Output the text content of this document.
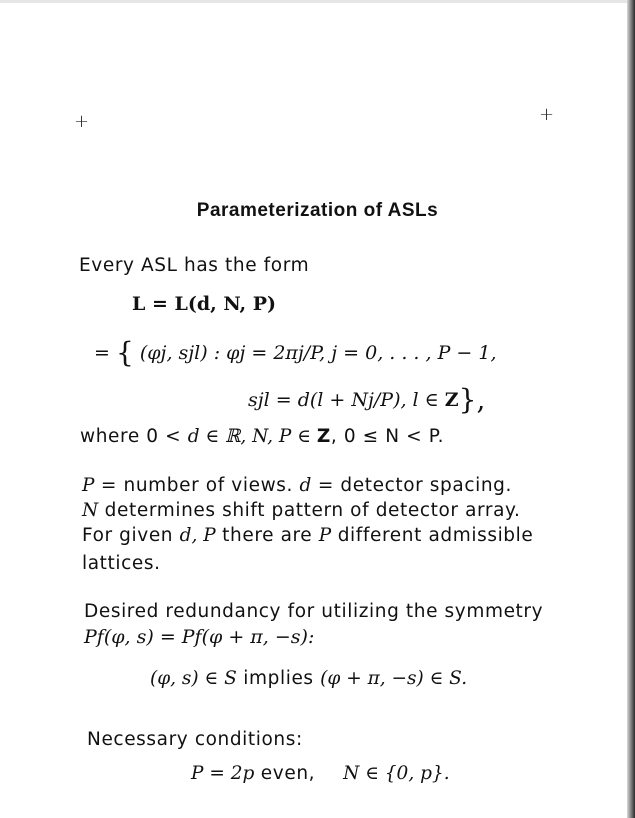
+	+
Parameterization of ASLs
Every ASL has the form
L = L(d, N, P)
= { (φj, sjl) : φj = 2πj/P, j = 0, . . . , P − 1,
sjl = d(l + Nj/P), l ∈ Z},
where 0 < d ∈ ℝ, N, P ∈ Z, 0 ≤ N < P.
P = number of views. d = detector spacing.
N determines shift pattern of detector array.
For given d, P there are P different admissible
lattices.
Desired redundancy for utilizing the symmetry
Pf(φ, s) = Pf(φ + π, −s):
(φ, s) ∈ S implies (φ + π, −s) ∈ S.
Necessary conditions:
P = 2p even, N ∈ {0, p}.
